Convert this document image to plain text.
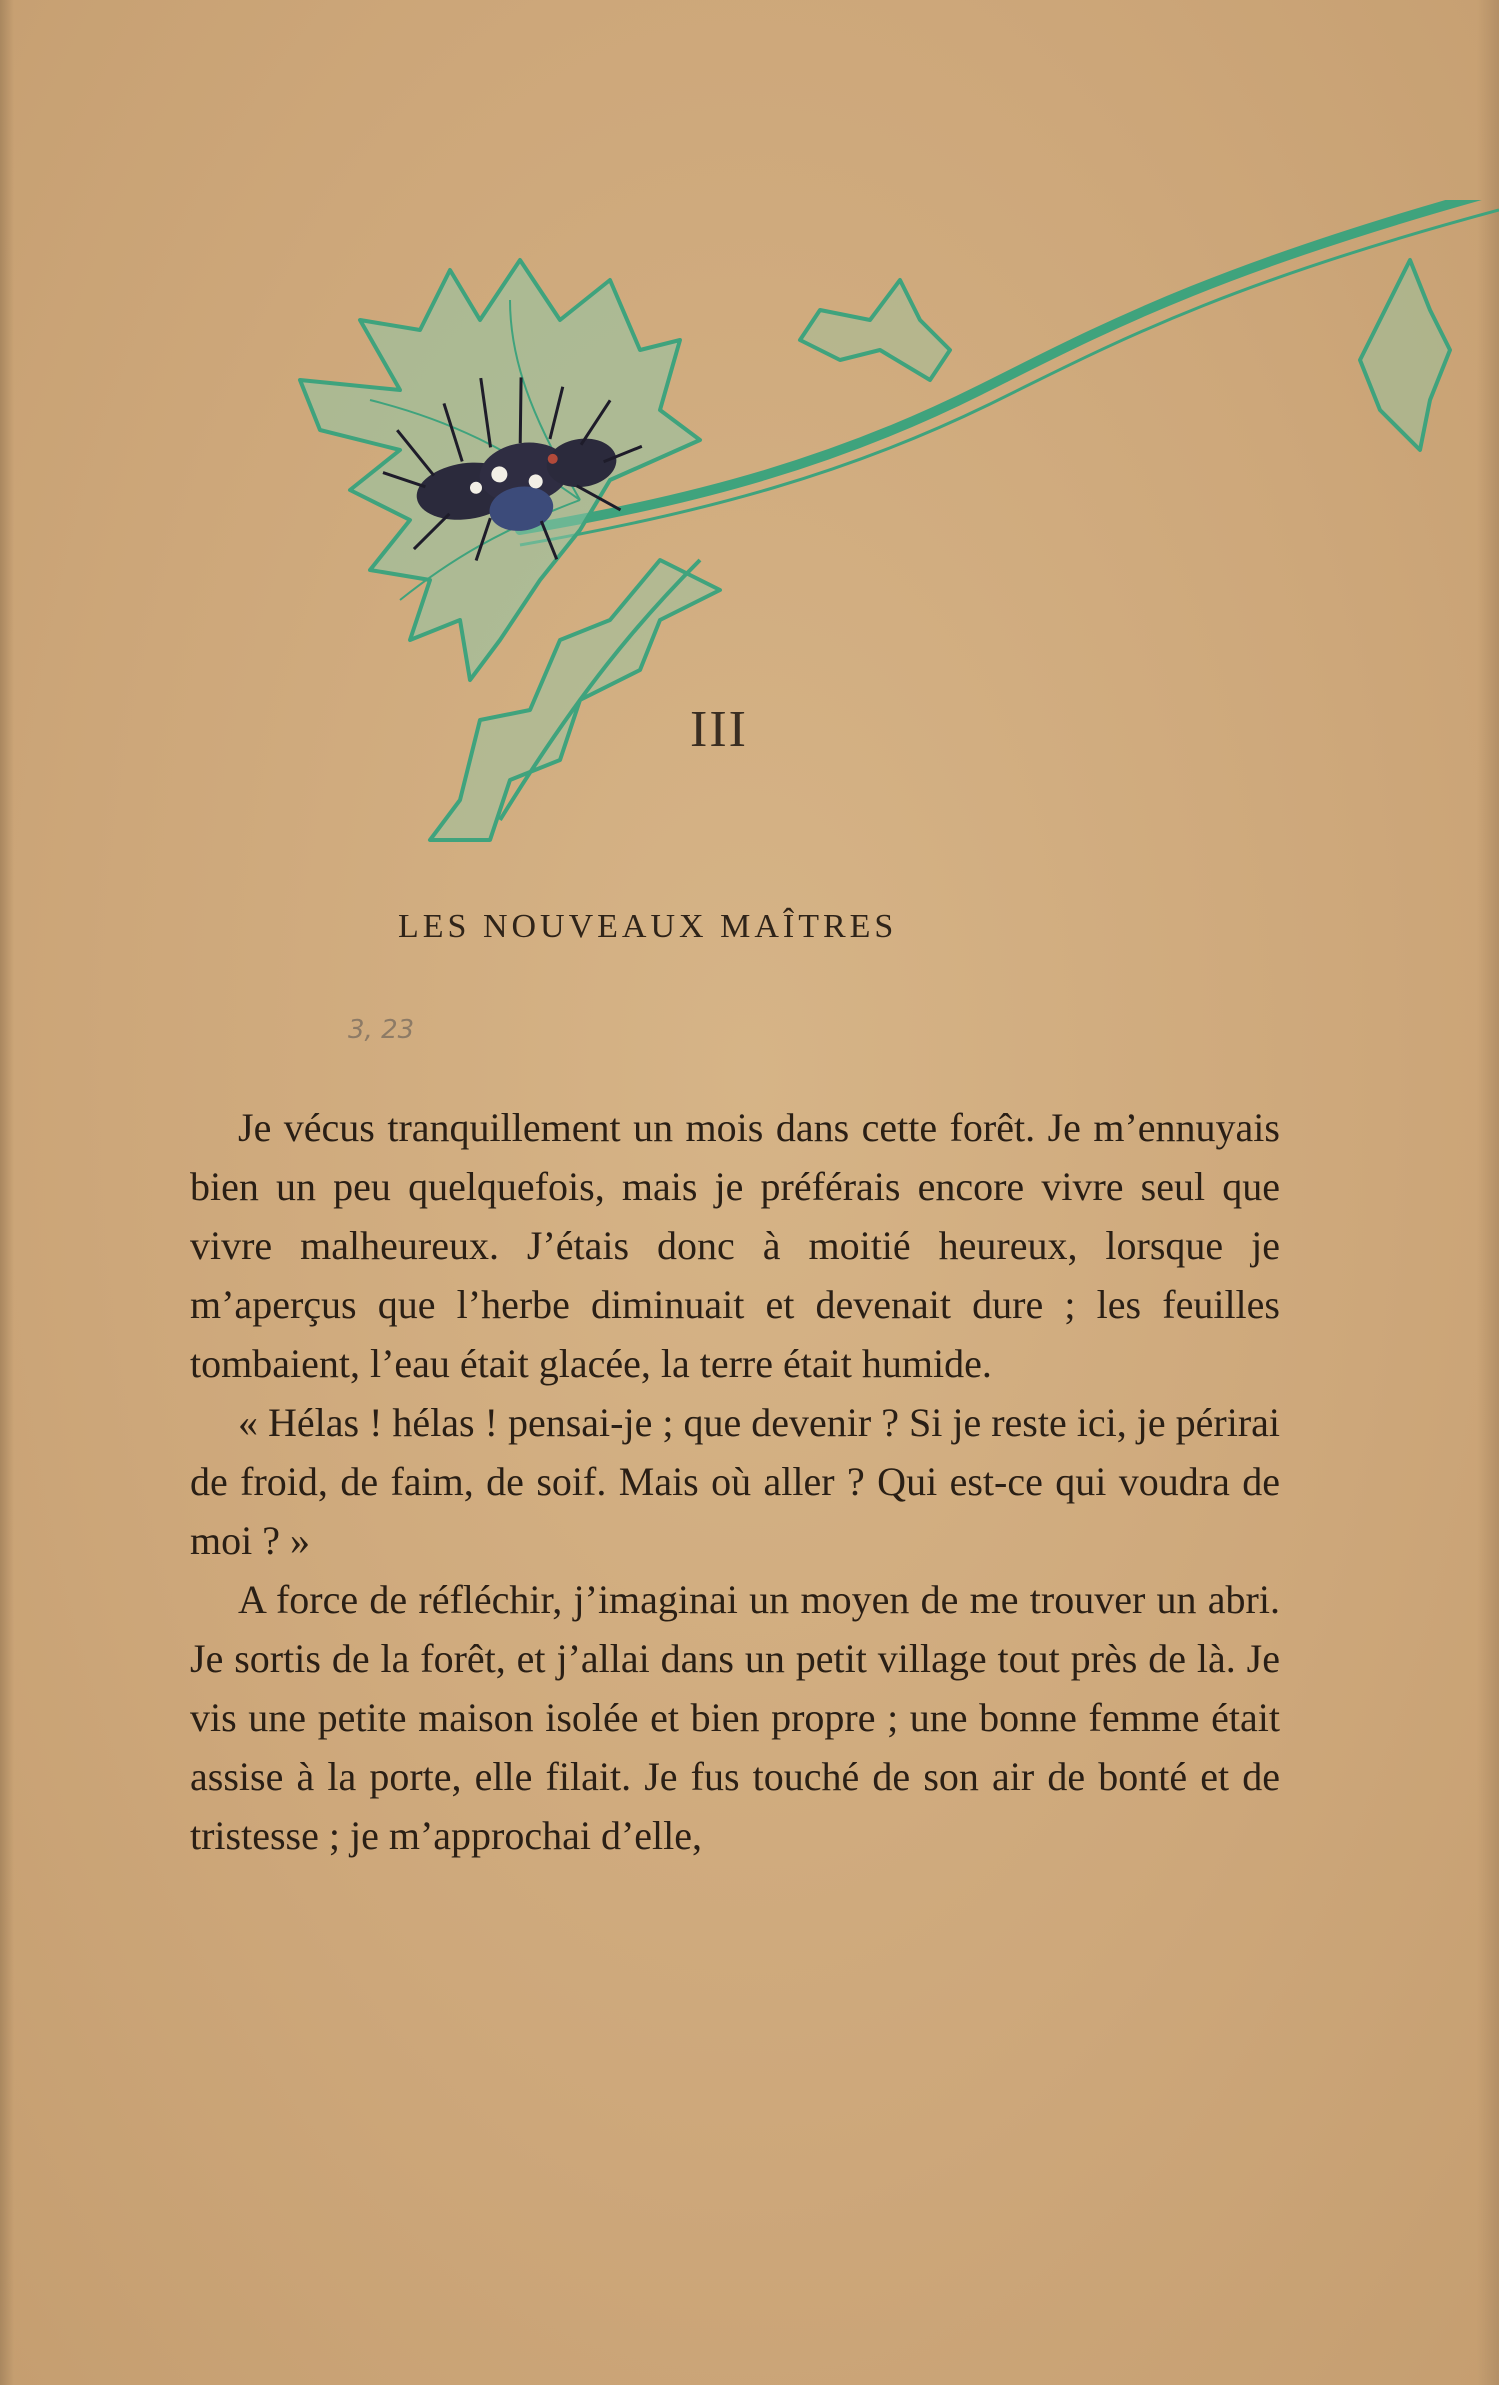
III
LES NOUVEAUX MAÎTRES
3, 23

Je vécus tranquillement un mois dans cette forêt. Je m’ennuyais bien un peu quelquefois, mais je préférais encore vivre seul que vivre malheureux. J’étais donc à moitié heureux, lorsque je m’aperçus que l’herbe diminuait et devenait dure ; les feuilles tombaient, l’eau était glacée, la terre était humide.

« Hélas ! hélas ! pensai-je ; que devenir ? Si je reste ici, je périrai de froid, de faim, de soif. Mais où aller ? Qui est-ce qui voudra de moi ? »

A force de réfléchir, j’imaginai un moyen de me trouver un abri. Je sortis de la forêt, et j’allai dans un petit village tout près de là. Je vis une petite maison isolée et bien propre ; une bonne femme était assise à la porte, elle filait. Je fus touché de son air de bonté et de tristesse ; je m’approchai d’elle,
